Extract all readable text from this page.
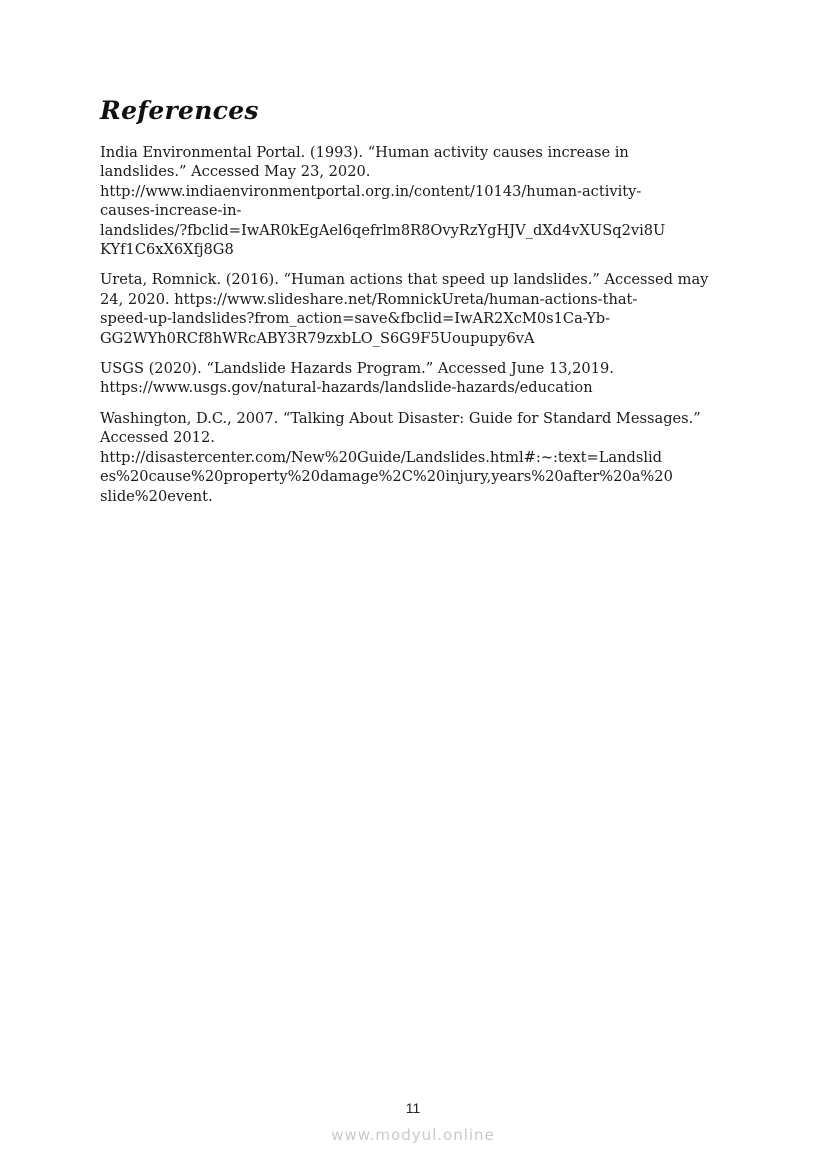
References
India Environmental Portal. (1993). “Human activity causes increase in
landslides.” Accessed May 23, 2020.
http://www.indiaenvironmentportal.org.in/content/10143/human-activity-
causes-increase-in-
landslides/?fbclid=IwAR0kEgAel6qefrlm8R8OvyRzYgHJV_dXd4vXUSq2vi8U
KYf1C6xX6Xfj8G8
Ureta, Romnick. (2016). “Human actions that speed up landslides.” Accessed may
24, 2020. https://www.slideshare.net/RomnickUreta/human-actions-that-
speed-up-landslides?from_action=save&fbclid=IwAR2XcM0s1Ca-Yb-
GG2WYh0RCf8hWRcABY3R79zxbLO_S6G9F5Uoupupy6vA
USGS (2020). “Landslide Hazards Program.” Accessed June 13,2019.
https://www.usgs.gov/natural-hazards/landslide-hazards/education
Washington, D.C., 2007. “Talking About Disaster: Guide for Standard Messages.”
Accessed 2012.
http://disastercenter.com/New%20Guide/Landslides.html#:~:text=Landslid
es%20cause%20property%20damage%2C%20injury,years%20after%20a%20
slide%20event.
11
www.modyul.online
